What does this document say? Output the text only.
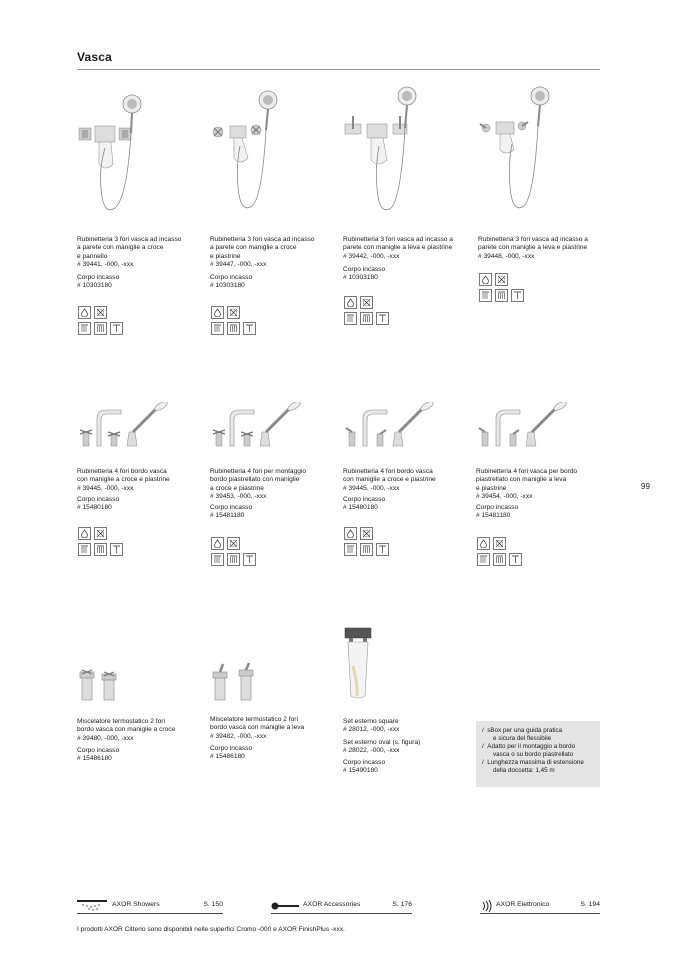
Vasca
99
Rubinetteria 3 fori vasca ad incasso
a parete con maniglie a croce
e pannello
# 39441, -000, -xxx
Corpo incasso
# 10303180
Rubinetteria 3 fori vasca ad incasso
a parete con maniglie a croce
e piastrine
# 39447, -000, -xxx
Corpo incasso
# 10303180
Rubinetteria 3 fori vasca ad incasso a
parete con maniglie a leva e piastrine
# 39442, -000, -xxx
Corpo incasso
# 10303180
Rubinetteria 3 fori vasca ad incasso a
parete con maniglie a leva e piastrine
# 39448, -000, -xxx
Rubinetteria 4 fori bordo vasca
con maniglie a croce e piastrine
# 39445, -000, -xxx
Corpo incasso
# 15480180
Rubinetteria 4 fori per montaggio
bordo piastrellato con maniglie
a croce e piastrine
# 39453, -000, -xxx
Corpo incasso
# 15481180
Rubinetteria 4 fori bordo vasca
con maniglie a croce e piastrine
# 39445, -000, -xxx
Corpo incasso
# 15480180
Rubinetteria 4 fori vasca per bordo
piastrellato con maniglie a leva
e piastrine
# 39454, -000, -xxx
Corpo incasso
# 15481180
Miscelatore termostatico 2 fori
bordo vasca con maniglie a croce
# 39480, -000, -xxx
Corpo incasso
# 15486180
Miscelatore termostatico 2 fori
bordo vasca con maniglie a leva
# 39482, -000, -xxx
Corpo incasso
# 15486180
Set esterno square
# 28012, -000, -xxx
Set esterno oval (s. figura)
# 28022, -000, -xxx
Corpo incasso
# 15490180
/  sBox per una guida pratica
e sicura del flessibile
/  Adatto per il montaggio a bordo
vasca o su bordo piastrellato
/  Lunghezza massima di estensione
della doccetta: 1,45 m
AXOR Showers	S. 150	AXOR Accessories	S. 176	AXOR Elettronico	S. 194
I prodotti AXOR Citterio sono disponibili nelle superfici Cromo -000 e AXOR FinishPlus -xxx.
